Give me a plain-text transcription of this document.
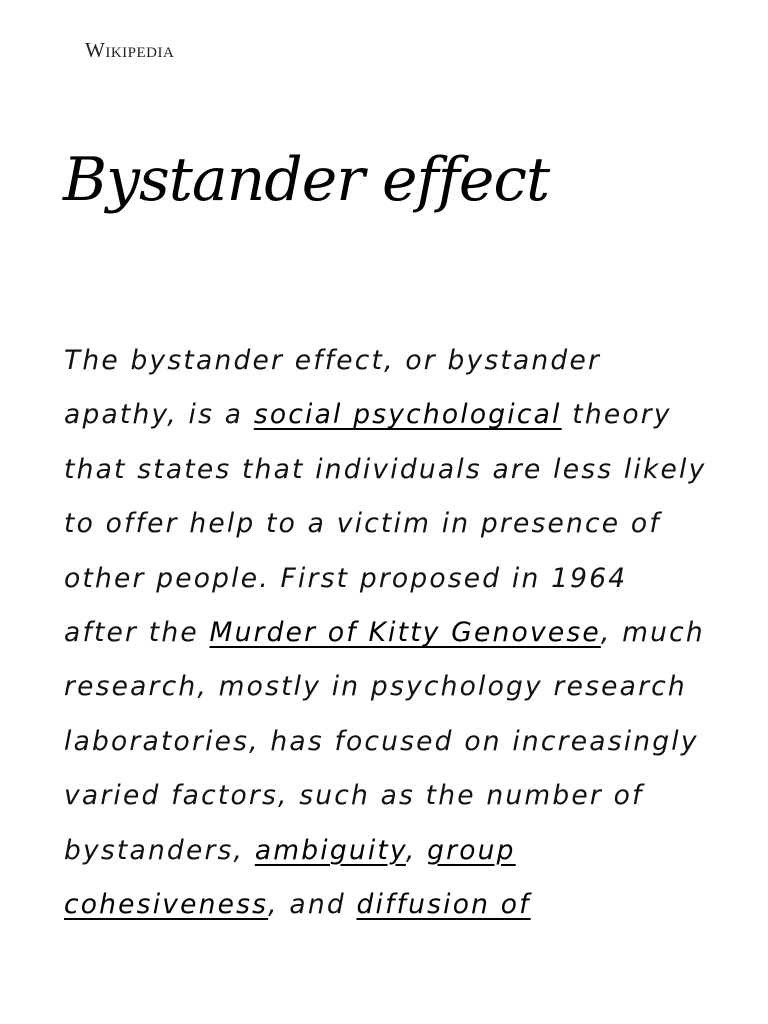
Wikipedia
Bystander effect

The bystander effect, or bystander
apathy, is a social psychological theory
that states that individuals are less likely
to offer help to a victim in presence of
other people. First proposed in 1964
after the Murder of Kitty Genovese, much
research, mostly in psychology research
laboratories, has focused on increasingly
varied factors, such as the number of
bystanders, ambiguity, group
cohesiveness, and diffusion of
